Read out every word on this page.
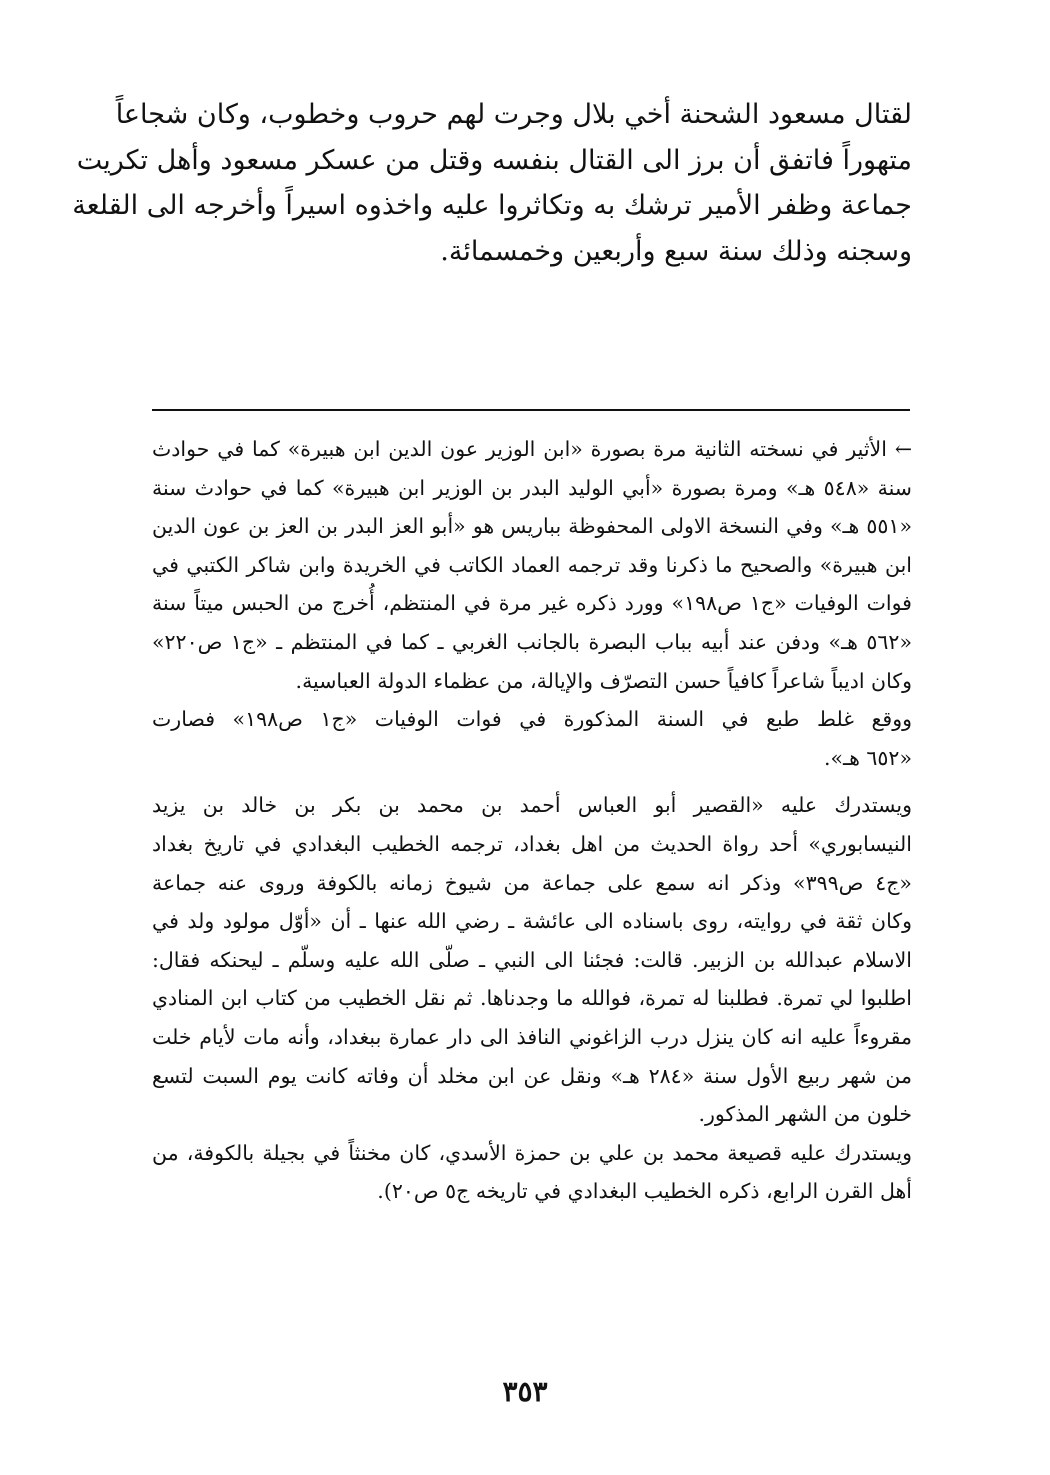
لقتال مسعود الشحنة أخي بلال وجرت لهم حروب وخطوب، وكان شجاعاً
متهوراً فاتفق أن برز الى القتال بنفسه وقتل من عسكر مسعود وأهل تكريت
جماعة وظفر الأمير ترشك به وتكاثروا عليه واخذوه اسيراً وأخرجه الى القلعة
وسجنه وذلك سنة سبع وأربعين وخمسمائة.
← الأثير في نسخته الثانية مرة بصورة «ابن الوزير عون الدين ابن هبيرة» كما في حوادث
سنة «٥٤٨ هـ» ومرة بصورة «أبي الوليد البدر بن الوزير ابن هبيرة» كما في حوادث سنة
«٥٥١ هـ» وفي النسخة الاولى المحفوظة بباريس هو «أبو العز البدر بن العز بن عون الدين
ابن هبيرة» والصحيح ما ذكرنا وقد ترجمه العماد الكاتب في الخريدة وابن شاكر الكتبي في
فوات الوفيات «ج١ ص١٩٨» وورد ذكره غير مرة في المنتظم، أُخرج من الحبس ميتاً سنة
«٥٦٢ هـ» ودفن عند أبيه بباب البصرة بالجانب الغربي ـ كما في المنتظم ـ «ج١ ص٢٢٠»
وكان اديباً شاعراً كافياً حسن التصرّف والإيالة، من عظماء الدولة العباسية.
ووقع غلط طبع في السنة المذكورة في فوات الوفيات «ج١ ص١٩٨» فصارت
«٦٥٢ هـ».
ويستدرك عليه «القصير أبو العباس أحمد بن محمد بن بكر بن خالد بن يزيد
النيسابوري» أحد رواة الحديث من اهل بغداد، ترجمه الخطيب البغدادي في تاريخ بغداد
«ج٤ ص٣٩٩» وذكر انه سمع على جماعة من شيوخ زمانه بالكوفة وروى عنه جماعة
وكان ثقة في روايته، روى باسناده الى عائشة ـ رضي الله عنها ـ أن «أوّل مولود ولد في
الاسلام عبدالله بن الزبير. قالت: فجئنا الى النبي ـ صلّى الله عليه وسلّم ـ ليحنكه فقال:
اطلبوا لي تمرة. فطلبنا له تمرة، فوالله ما وجدناها. ثم نقل الخطيب من كتاب ابن المنادي
مقروءاً عليه انه كان ينزل درب الزاغوني النافذ الى دار عمارة ببغداد، وأنه مات لأيام خلت
من شهر ربيع الأول سنة «٢٨٤ هـ» ونقل عن ابن مخلد أن وفاته كانت يوم السبت لتسع
خلون من الشهر المذكور.
ويستدرك عليه قصيعة محمد بن علي بن حمزة الأسدي، كان مخنثاً في بجيلة بالكوفة، من
أهل القرن الرابع، ذكره الخطيب البغدادي في تاريخه ج٥ ص٢٠).
٣٥٣
